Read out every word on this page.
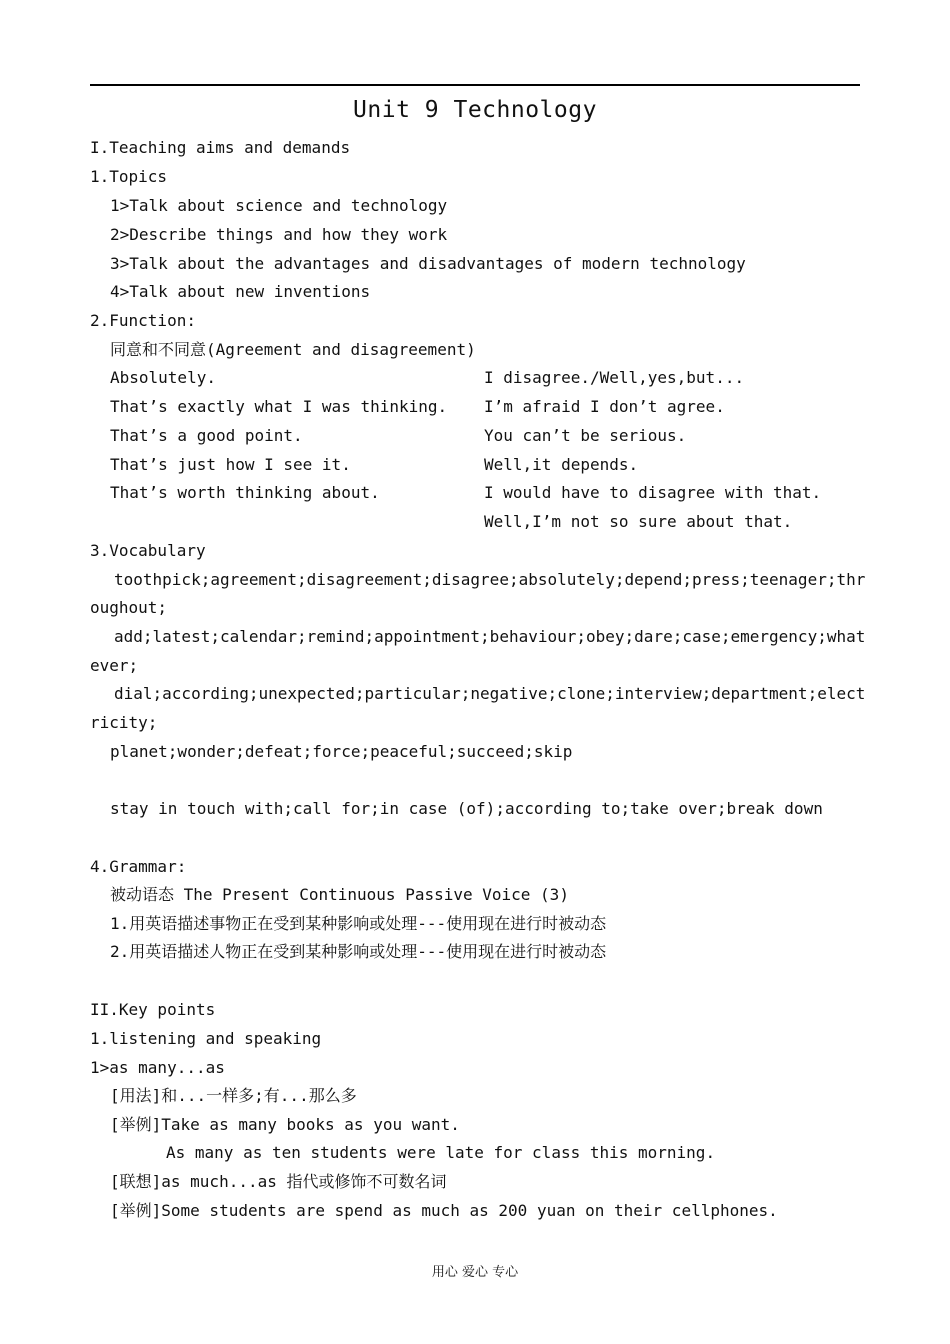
Unit 9 Technology
I.Teaching aims and demands
1.Topics
1>Talk about science and technology
2>Describe things and how they work
3>Talk about the advantages and disadvantages of modern technology
4>Talk about new inventions
2.Function:
同意和不同意(Agreement and disagreement)
Absolutely.
That’s exactly what I was thinking.
That’s a good point.
That’s just how I see it.
That’s worth thinking about.
I disagree./Well,yes,but...
I’m afraid I don’t agree.
You can’t be serious.
Well,it depends.
I would have to disagree with that.
Well,I’m not so sure about that.
3.Vocabulary
toothpick;agreement;disagreement;disagree;absolutely;depend;press;teenager;thr
oughout;
add;latest;calendar;remind;appointment;behaviour;obey;dare;case;emergency;what
ever;
dial;according;unexpected;particular;negative;clone;interview;department;elect
ricity;
planet;wonder;defeat;force;peaceful;succeed;skip
stay in touch with;call for;in case (of);according to;take over;break down
4.Grammar:
被动语态 The Present Continuous Passive Voice (3)
1.用英语描述事物正在受到某种影响或处理---使用现在进行时被动态
2.用英语描述人物正在受到某种影响或处理---使用现在进行时被动态
II.Key points
1.listening and speaking
1>as many...as
[用法]和...一样多;有...那么多
[举例]Take as many books as you want.
As many as ten students were late for class this morning.
[联想]as much...as 指代或修饰不可数名词
[举例]Some students are spend as much as 200 yuan on their cellphones.
用心 爱心 专心
